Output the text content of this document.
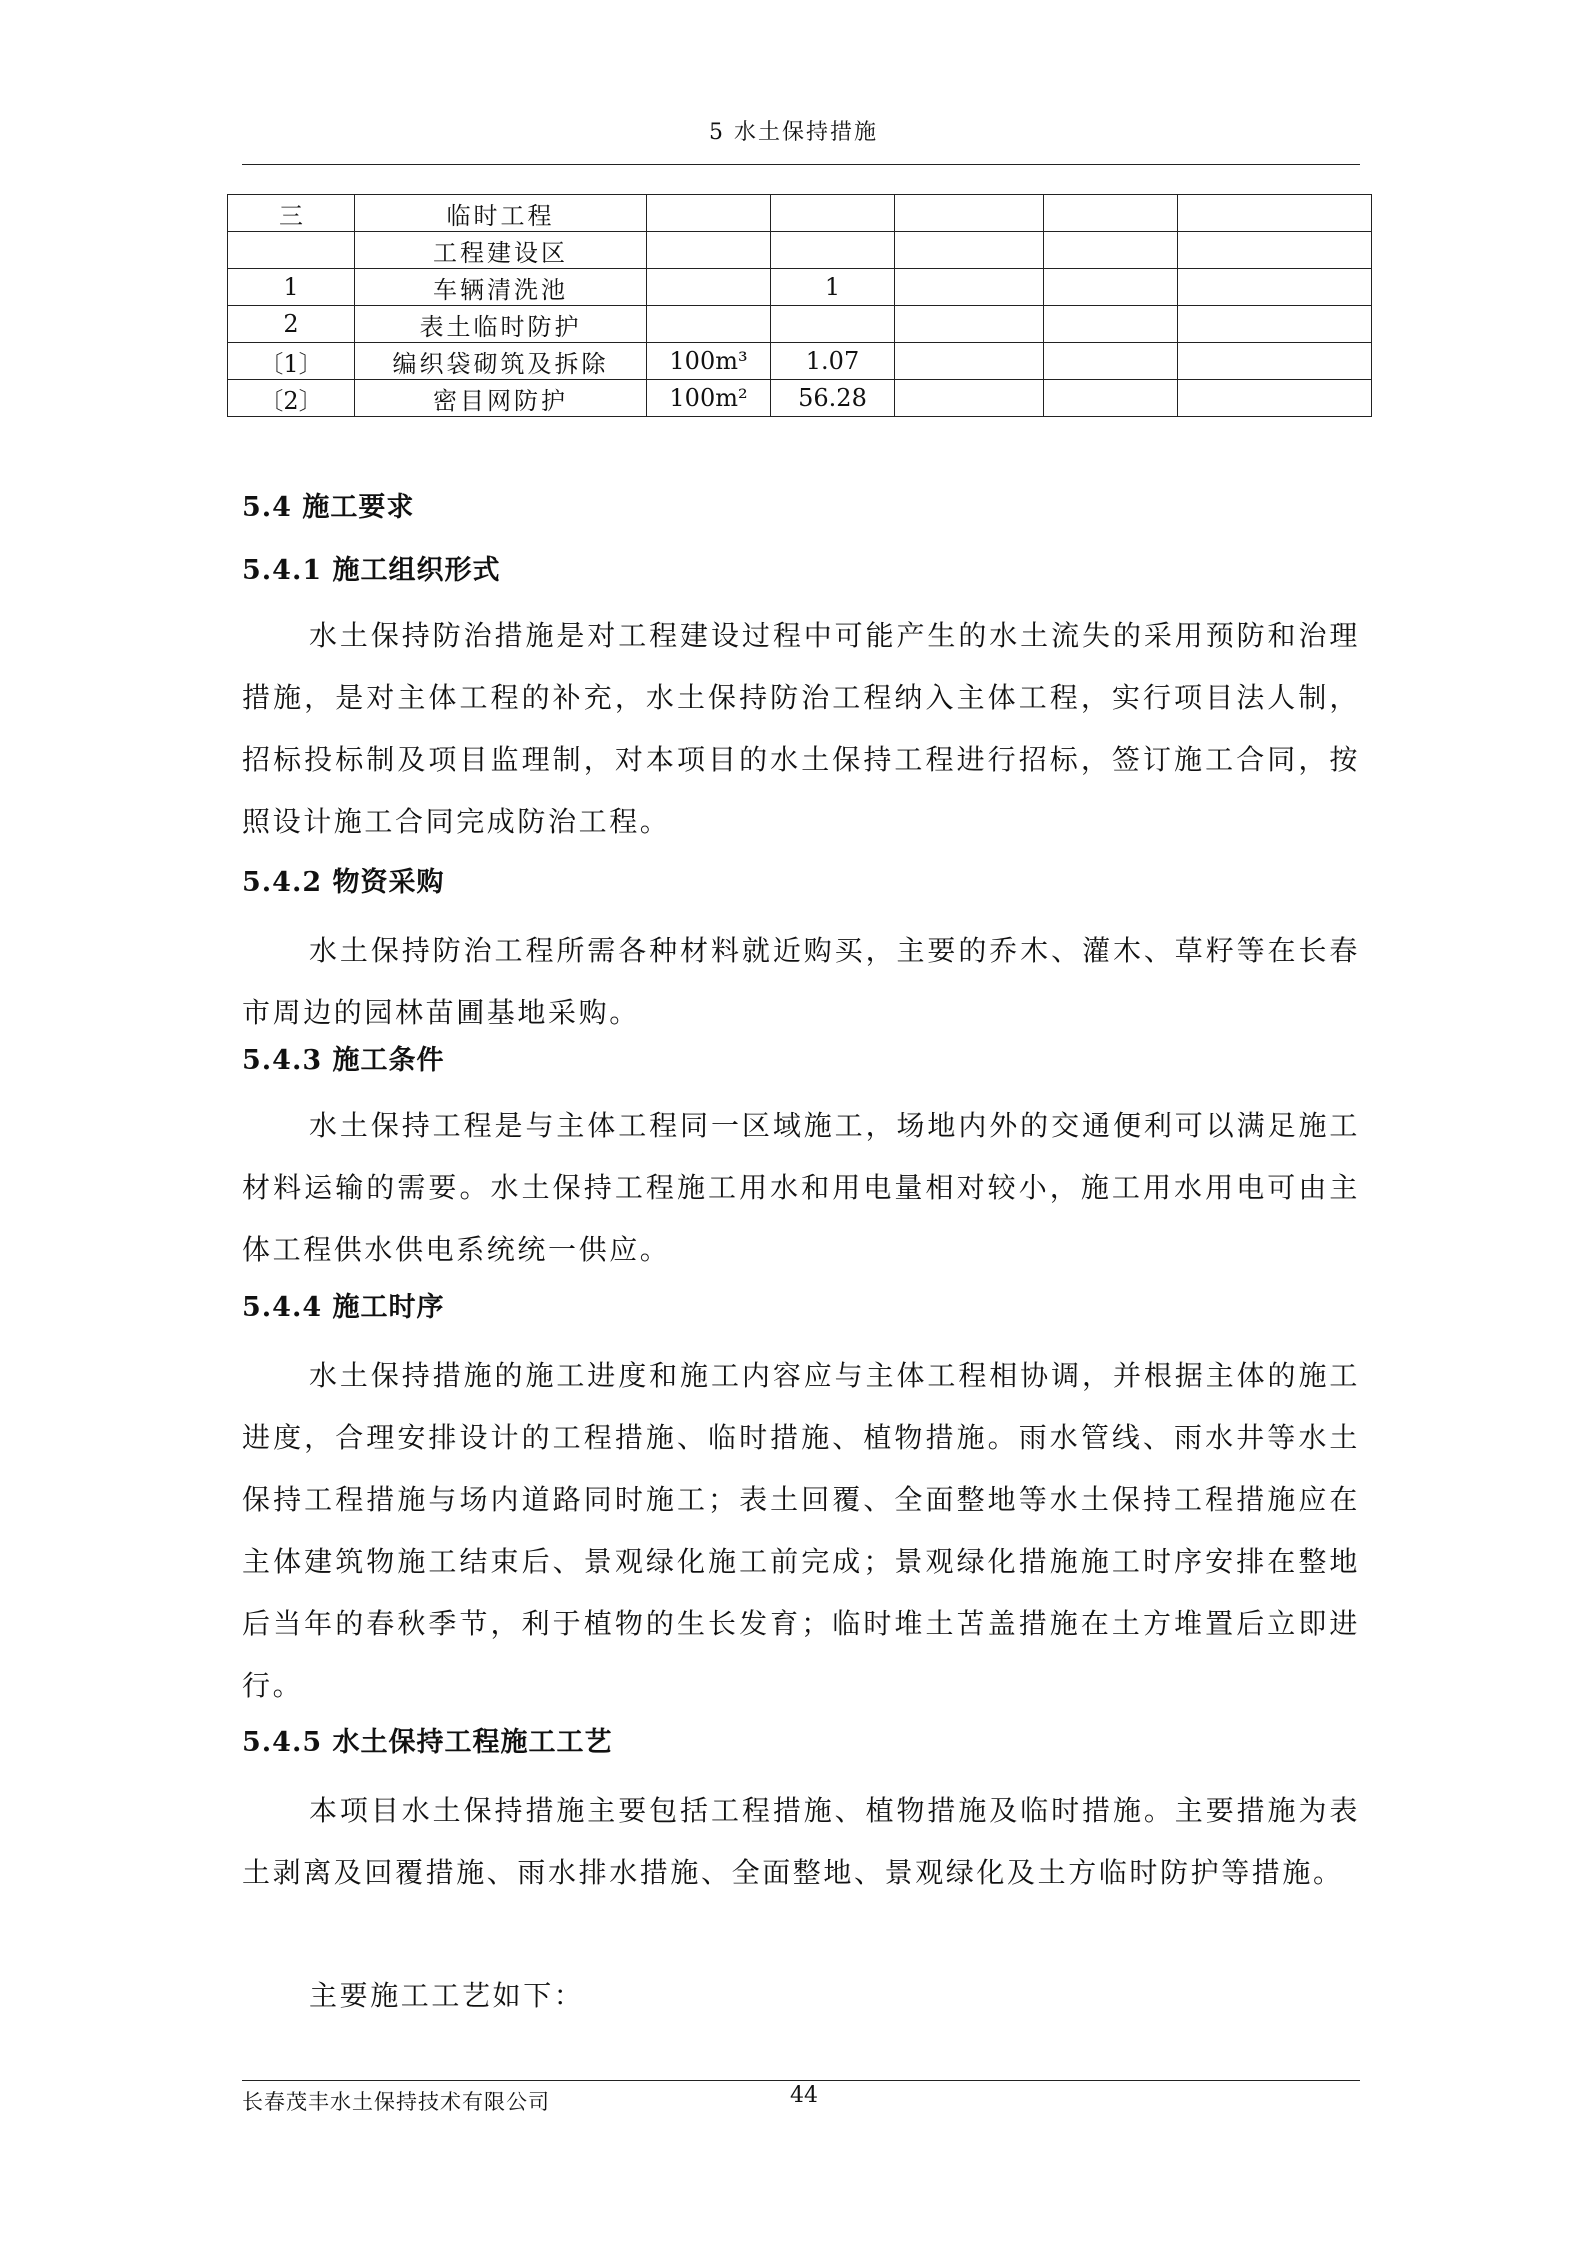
5 水土保持措施
三	临时工程					
	工程建设区					
1	车辆清洗池		1			
2	表土临时防护					
〔1〕	编织袋砌筑及拆除	100m³	1.07			
〔2〕	密目网防护	100m²	56.28			
5.4 施工要求
5.4.1 施工组织形式

水土保持防治措施是对工程建设过程中可能产生的水土流失的采用预防和治理措施，是对主体工程的补充，水土保持防治工程纳入主体工程，实行项目法人制，招标投标制及项目监理制，对本项目的水土保持工程进行招标，签订施工合同，按照设计施工合同完成防治工程。

5.4.2 物资采购

水土保持防治工程所需各种材料就近购买，主要的乔木、灌木、草籽等在长春市周边的园林苗圃基地采购。

5.4.3 施工条件

水土保持工程是与主体工程同一区域施工，场地内外的交通便利可以满足施工材料运输的需要。水土保持工程施工用水和用电量相对较小，施工用水用电可由主体工程供水供电系统统一供应。

5.4.4 施工时序

水土保持措施的施工进度和施工内容应与主体工程相协调，并根据主体的施工进度，合理安排设计的工程措施、临时措施、植物措施。雨水管线、雨水井等水土保持工程措施与场内道路同时施工；表土回覆、全面整地等水土保持工程措施应在主体建筑物施工结束后、景观绿化施工前完成；景观绿化措施施工时序安排在整地后当年的春秋季节，利于植物的生长发育；临时堆土苫盖措施在土方堆置后立即进行。

5.4.5 水土保持工程施工工艺

本项目水土保持措施主要包括工程措施、植物措施及临时措施。主要措施为表土剥离及回覆措施、雨水排水措施、全面整地、景观绿化及土方临时防护等措施。

主要施工工艺如下：

长春茂丰水土保持技术有限公司	44
